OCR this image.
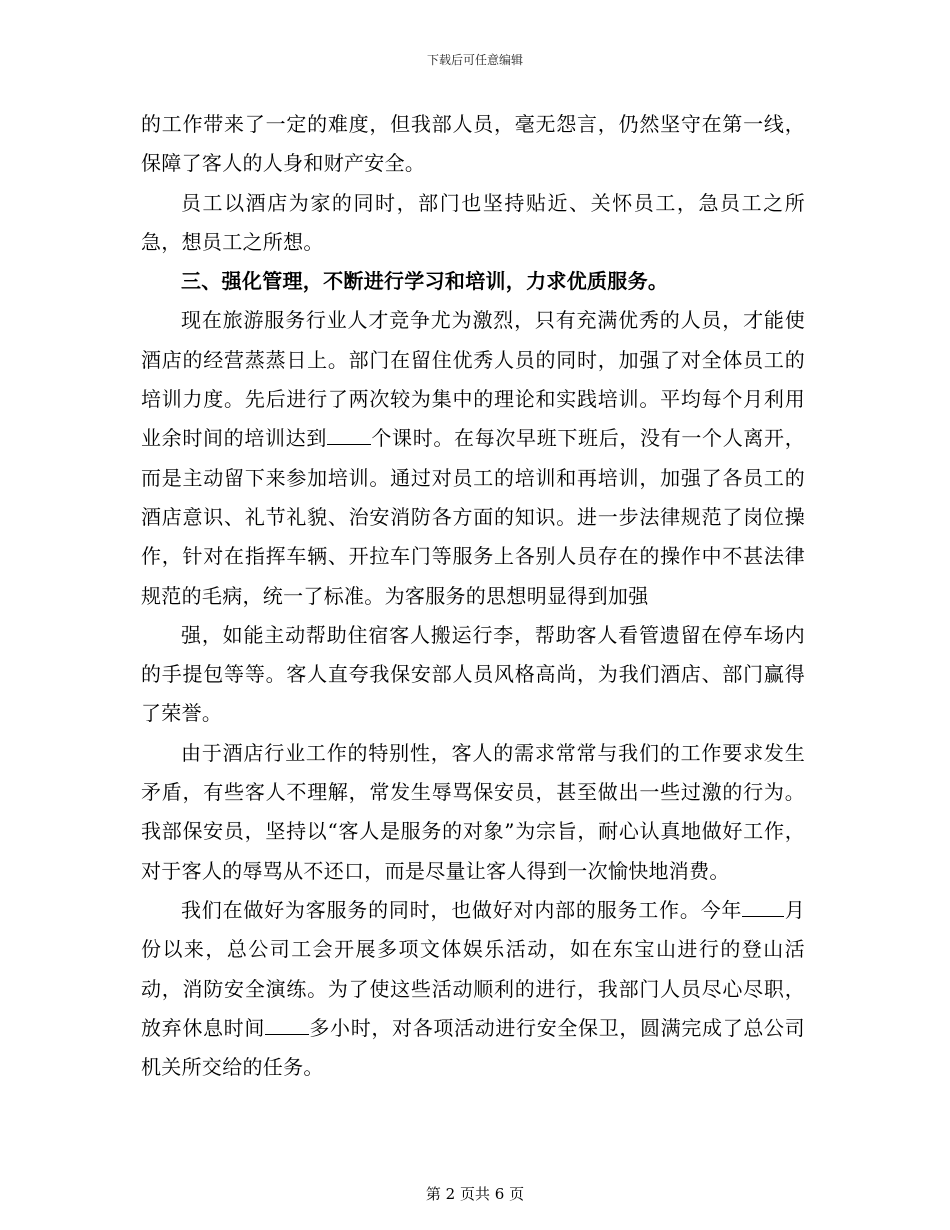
下载后可任意编辑

的工作带来了一定的难度，但我部人员，毫无怨言，仍然坚守在第一线，保障了客人的人身和财产安全。

员工以酒店为家的同时，部门也坚持贴近、关怀员工，急员工之所急，想员工之所想。

三、强化管理，不断进行学习和培训，力求优质服务。

现在旅游服务行业人才竞争尤为激烈，只有充满优秀的人员，才能使酒店的经营蒸蒸日上。部门在留住优秀人员的同时，加强了对全体员工的培训力度。先后进行了两次较为集中的理论和实践培训。平均每个月利用业余时间的培训达到 个课时。在每次早班下班后，没有一个人离开，而是主动留下来参加培训。通过对员工的培训和再培训，加强了各员工的酒店意识、礼节礼貌、治安消防各方面的知识。进一步法律规范了岗位操作，针对在指挥车辆、开拉车门等服务上各别人员存在的操作中不甚法律规范的毛病，统一了标准。为客服务的思想明显得到加强

强，如能主动帮助住宿客人搬运行李，帮助客人看管遗留在停车场内的手提包等等。客人直夸我保安部人员风格高尚，为我们酒店、部门赢得了荣誉。

由于酒店行业工作的特别性，客人的需求常常与我们的工作要求发生矛盾，有些客人不理解，常发生辱骂保安员，甚至做出一些过激的行为。我部保安员，坚持以“客人是服务的对象”为宗旨，耐心认真地做好工作，对于客人的辱骂从不还口，而是尽量让客人得到一次愉快地消费。

我们在做好为客服务的同时，也做好对内部的服务工作。今年 月份以来，总公司工会开展多项文体娱乐活动，如在东宝山进行的登山活动，消防安全演练。为了使这些活动顺利的进行，我部门人员尽心尽职，放弃休息时间 多小时，对各项活动进行安全保卫，圆满完成了总公司机关所交给的任务。

第 2 页共 6 页
